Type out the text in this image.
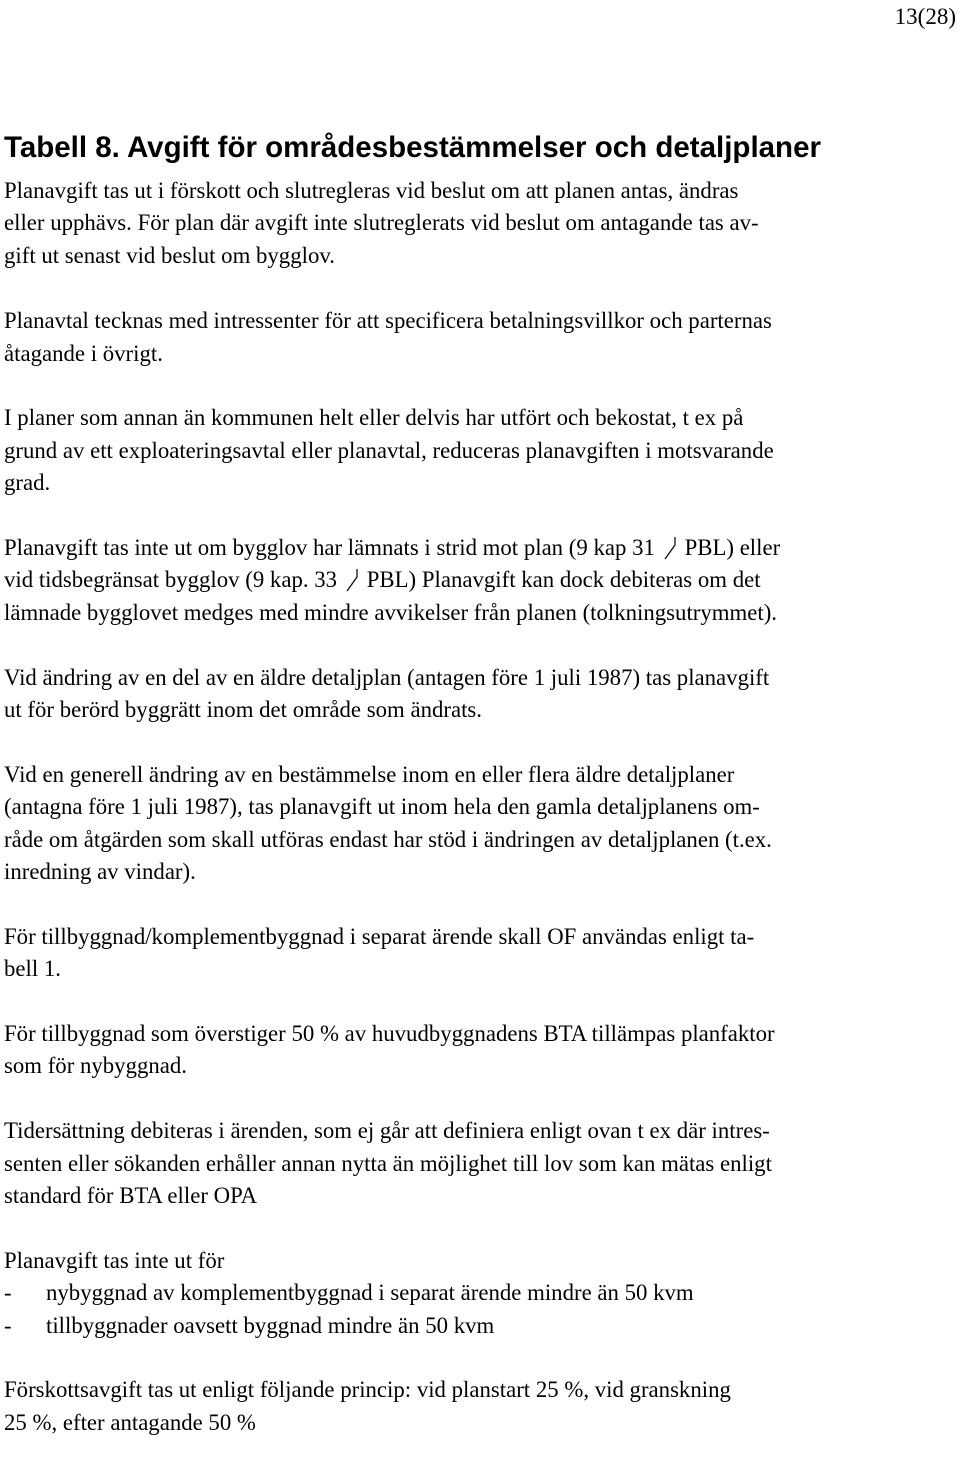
13(28)
Tabell 8. Avgift för områdesbestämmelser och detaljplaner

Planavgift tas ut i förskott och slutregleras vid beslut om att planen antas, ändras
eller upphävs. För plan där avgift inte slutreglerats vid beslut om antagande tas av-
gift ut senast vid beslut om bygglov.

Planavtal tecknas med intressenter för att specificera betalningsvillkor och parternas
åtagande i övrigt.

I planer som annan än kommunen helt eller delvis har utfört och bekostat, t ex på
grund av ett exploateringsavtal eller planavtal, reduceras planavgiften i motsvarande
grad.

Planavgift tas inte ut om bygglov har lämnats i strid mot plan (9 kap 31 PBL) eller
vid tidsbegränsat bygglov (9 kap. 33 PBL) Planavgift kan dock debiteras om det
lämnade bygglovet medges med mindre avvikelser från planen (tolkningsutrymmet).

Vid ändring av en del av en äldre detaljplan (antagen före 1 juli 1987) tas planavgift
ut för berörd byggrätt inom det område som ändrats.

Vid en generell ändring av en bestämmelse inom en eller flera äldre detaljplaner
(antagna före 1 juli 1987), tas planavgift ut inom hela den gamla detaljplanens om-
råde om åtgärden som skall utföras endast har stöd i ändringen av detaljplanen (t.ex.
inredning av vindar).

För tillbyggnad/komplementbyggnad i separat ärende skall OF användas enligt ta-
bell 1.

För tillbyggnad som överstiger 50 % av huvudbyggnadens BTA tillämpas planfaktor
som för nybyggnad.

Tidersättning debiteras i ärenden, som ej går att definiera enligt ovan t ex där intres-
senten eller sökanden erhåller annan nytta än möjlighet till lov som kan mätas enligt
standard för BTA eller OPA

Planavgift tas inte ut för
- nybyggnad av komplementbyggnad i separat ärende mindre än 50 kvm
- tillbyggnader oavsett byggnad mindre än 50 kvm

Förskottsavgift tas ut enligt följande princip: vid planstart 25 %, vid granskning
25 %, efter antagande 50 %
